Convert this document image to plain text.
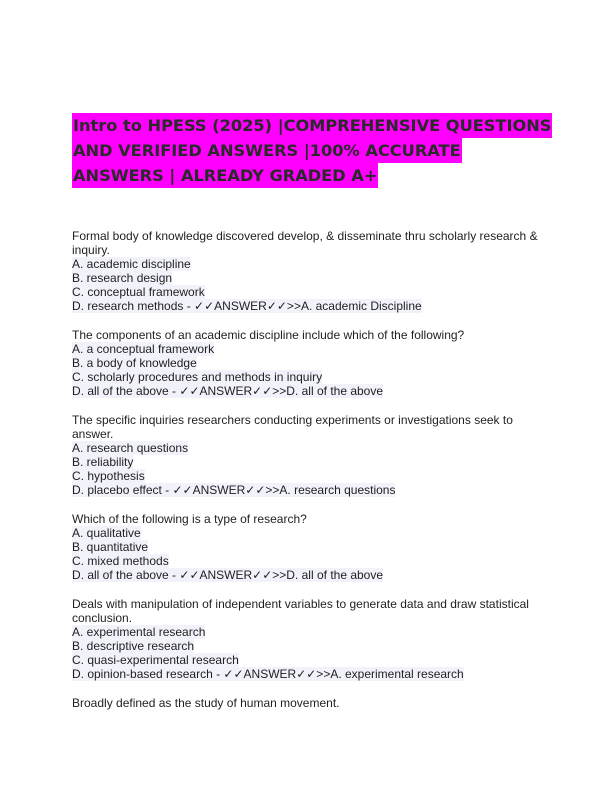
Intro to HPESS (2025) |COMPREHENSIVE QUESTIONS
AND VERIFIED ANSWERS |100% ACCURATE
ANSWERS | ALREADY GRADED A+
Formal body of knowledge discovered develop, & disseminate thru scholarly research &
inquiry.
A. academic discipline
B. research design
C. conceptual framework
D. research methods - ✓✓ANSWER✓✓>>A. academic Discipline
The components of an academic discipline include which of the following?
A. a conceptual framework
B. a body of knowledge
C. scholarly procedures and methods in inquiry
D. all of the above - ✓✓ANSWER✓✓>>D. all of the above
The specific inquiries researchers conducting experiments or investigations seek to
answer.
A. research questions
B. reliability
C. hypothesis
D. placebo effect - ✓✓ANSWER✓✓>>A. research questions
Which of the following is a type of research?
A. qualitative
B. quantitative
C. mixed methods
D. all of the above - ✓✓ANSWER✓✓>>D. all of the above
Deals with manipulation of independent variables to generate data and draw statistical
conclusion.
A. experimental research
B. descriptive research
C. quasi-experimental research
D. opinion-based research - ✓✓ANSWER✓✓>>A. experimental research
Broadly defined as the study of human movement.
